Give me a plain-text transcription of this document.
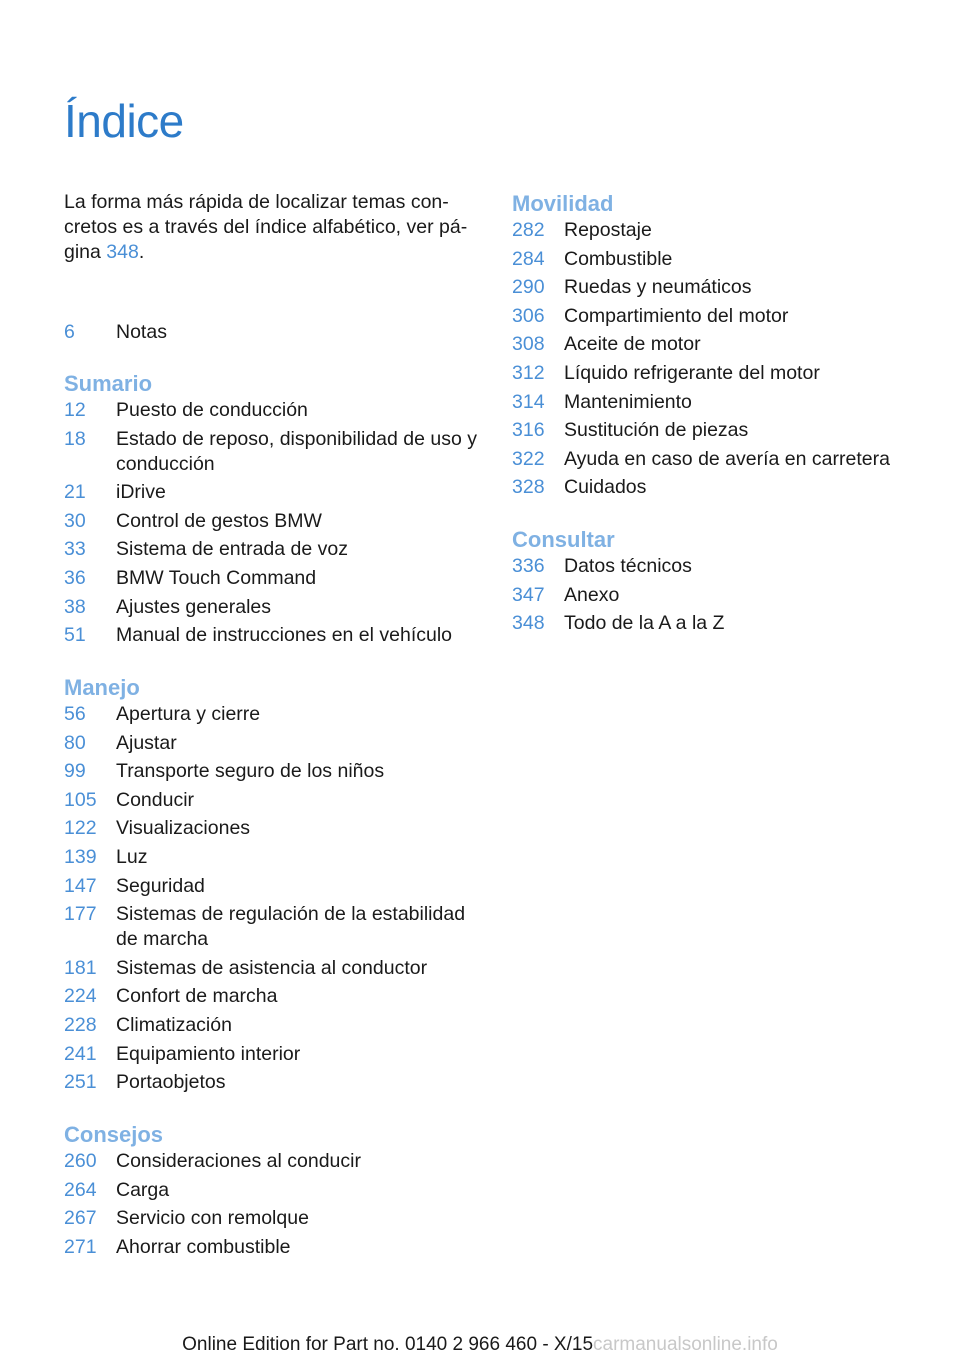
Índice
La forma más rápida de localizar temas con-cretos es a través del índice alfabético, ver pá-gina 348.
6	Notas
Sumario
12	Puesto de conducción
18	Estado de reposo, disponibilidad de uso y conducción
21	iDrive
30	Control de gestos BMW
33	Sistema de entrada de voz
36	BMW Touch Command
38	Ajustes generales
51	Manual de instrucciones en el vehículo
Manejo
56	Apertura y cierre
80	Ajustar
99	Transporte seguro de los niños
105 Conducir
122 Visualizaciones
139 Luz
147 Seguridad
177 Sistemas de regulación de la estabilidad de marcha
181 Sistemas de asistencia al conductor
224 Confort de marcha
228 Climatización
241 Equipamiento interior
251 Portaobjetos
Consejos
260 Consideraciones al conducir
264 Carga
267 Servicio con remolque
271 Ahorrar combustible
Movilidad
282 Repostaje
284 Combustible
290 Ruedas y neumáticos
306 Compartimiento del motor
308 Aceite de motor
312 Líquido refrigerante del motor
314 Mantenimiento
316 Sustitución de piezas
322 Ayuda en caso de avería en carretera
328 Cuidados
Consultar
336 Datos técnicos
347 Anexo
348 Todo de la A a la Z
Online Edition for Part no. 0140 2 966 460 - X/15carmanualsonline.info
